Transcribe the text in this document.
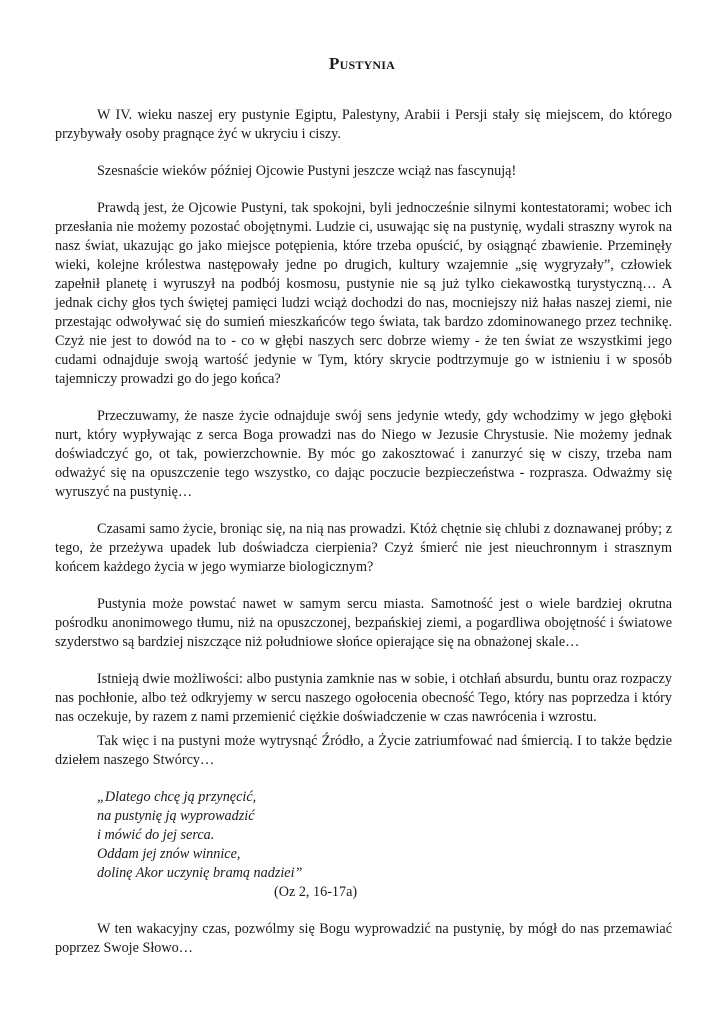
Pustynia

W IV. wieku naszej ery pustynie Egiptu, Palestyny, Arabii i Persji stały się miejscem, do którego przybywały osoby pragnące żyć w ukryciu i ciszy.

Szesnaście wieków później Ojcowie Pustyni jeszcze wciąż nas fascynują!

Prawdą jest, że Ojcowie Pustyni, tak spokojni, byli jednocześnie silnymi kontestatorami; wobec ich przesłania nie możemy pozostać obojętnymi. Ludzie ci, usuwając się na pustynię, wydali straszny wyrok na nasz świat, ukazując go jako miejsce potępienia, które trzeba opuścić, by osiągnąć zbawienie. Przeminęły wieki, kolejne królestwa następowały jedne po drugich, kultury wzajemnie „się wygryzały”, człowiek zapełnił planetę i wyruszył na podbój kosmosu, pustynie nie są już tylko ciekawostką turystyczną… A jednak cichy głos tych świętej pamięci ludzi wciąż dochodzi do nas, mocniejszy niż hałas naszej ziemi, nie przestając odwoływać się do sumień mieszkańców tego świata, tak bardzo zdominowanego przez technikę. Czyż nie jest to dowód na to - co w głębi naszych serc dobrze wiemy - że ten świat ze wszystkimi jego cudami odnajduje swoją wartość jedynie w Tym, który skrycie podtrzymuje go w istnieniu i w sposób tajemniczy prowadzi go do jego końca?

Przeczuwamy, że nasze życie odnajduje swój sens jedynie wtedy, gdy wchodzimy w jego głęboki nurt, który wypływając z serca Boga prowadzi nas do Niego w Jezusie Chrystusie. Nie możemy jednak doświadczyć go, ot tak, powierzchownie. By móc go zakosztować i zanurzyć się w ciszy, trzeba nam odważyć się na opuszczenie tego wszystko, co dając poczucie bezpieczeństwa - rozprasza. Odważmy się wyruszyć na pustynię…

Czasami samo życie, broniąc się, na nią nas prowadzi. Któż chętnie się chlubi z doznawanej próby; z tego, że przeżywa upadek lub doświadcza cierpienia? Czyż śmierć nie jest nieuchronnym i strasznym końcem każdego życia w jego wymiarze biologicznym?

Pustynia może powstać nawet w samym sercu miasta. Samotność jest o wiele bardziej okrutna pośrodku anonimowego tłumu, niż na opuszczonej, bezpańskiej ziemi, a pogardliwa obojętność i światowe szyderstwo są bardziej niszczące niż południowe słońce opierające się na obnażonej skale…

Istnieją dwie możliwości: albo pustynia zamknie nas w sobie, i otchłań absurdu, buntu oraz rozpaczy nas pochłonie, albo też odkryjemy w sercu naszego ogołocenia obecność Tego, który nas poprzedza i który nas oczekuje, by razem z nami przemienić ciężkie doświadczenie w czas nawrócenia i wzrostu.

Tak więc i na pustyni może wytrysnąć Źródło, a Życie zatriumfować nad śmiercią. I to także będzie dziełem naszego Stwórcy…

„Dlatego chcę ją przynęcić,
na pustynię ją wyprowadzić
i mówić do jej serca.
Oddam jej znów winnice,
dolinę Akor uczynię bramą nadziei”
(Oz 2, 16-17a)

W ten wakacyjny czas, pozwólmy się Bogu wyprowadzić na pustynię, by mógł do nas przemawiać poprzez Swoje Słowo…
